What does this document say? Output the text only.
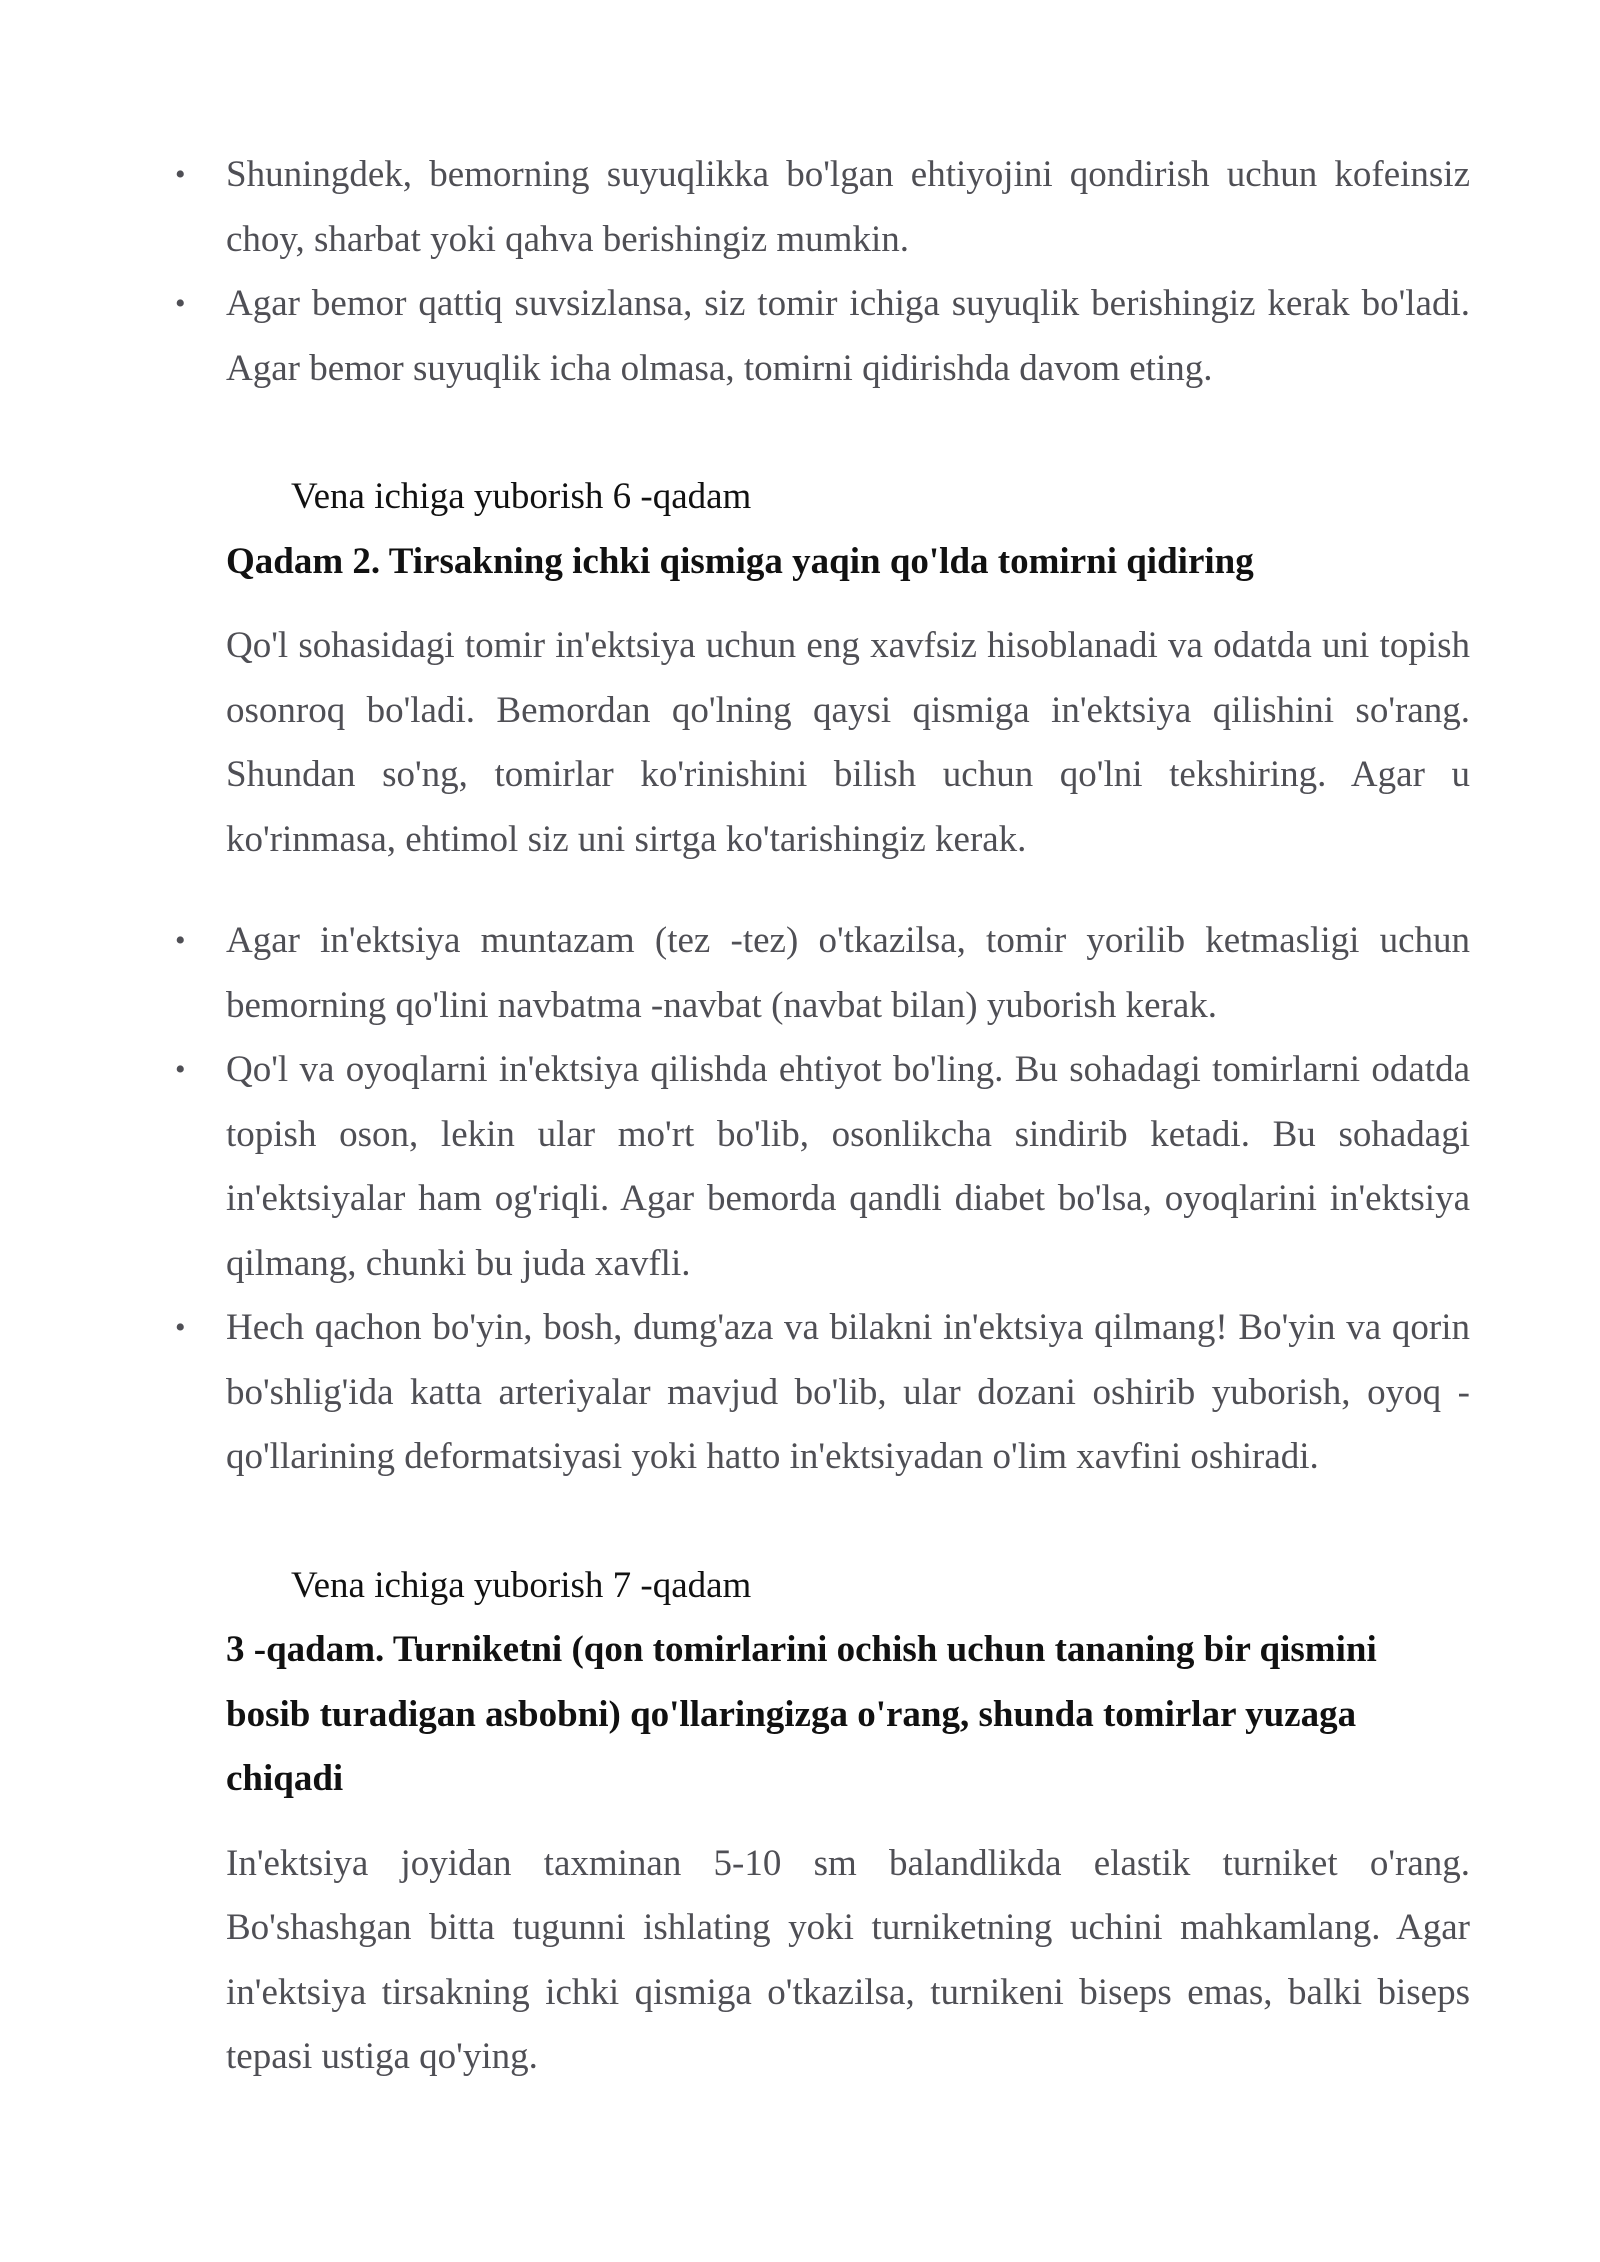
• Shuningdek, bemorning suyuqlikka bo'lgan ehtiyojini qondirish uchun kofeinsiz choy, sharbat yoki qahva berishingiz mumkin.
• Agar bemor qattiq suvsizlansa, siz tomir ichiga suyuqlik berishingiz kerak bo'ladi. Agar bemor suyuqlik icha olmasa, tomirni qidirishda davom eting.

Vena ichiga yuborish 6 -qadam

Qadam 2. Tirsakning ichki qismiga yaqin qo'lda tomirni qidiring

Qo'l sohasidagi tomir in'ektsiya uchun eng xavfsiz hisoblanadi va odatda uni topish osonroq bo'ladi. Bemordan qo'lning qaysi qismiga in'ektsiya qilishini so'rang. Shundan so'ng, tomirlar ko'rinishini bilish uchun qo'lni tekshiring. Agar u ko'rinmasa, ehtimol siz uni sirtga ko'tarishingiz kerak.

• Agar in'ektsiya muntazam (tez -tez) o'tkazilsa, tomir yorilib ketmasligi uchun bemorning qo'lini navbatma -navbat (navbat bilan) yuborish kerak.
• Qo'l va oyoqlarni in'ektsiya qilishda ehtiyot bo'ling. Bu sohadagi tomirlarni odatda topish oson, lekin ular mo'rt bo'lib, osonlikcha sindirib ketadi. Bu sohadagi in'ektsiyalar ham og'riqli. Agar bemorda qandli diabet bo'lsa, oyoqlarini in'ektsiya qilmang, chunki bu juda xavfli.
• Hech qachon bo'yin, bosh, dumg'aza va bilakni in'ektsiya qilmang! Bo'yin va qorin bo'shlig'ida katta arteriyalar mavjud bo'lib, ular dozani oshirib yuborish, oyoq -qo'llarining deformatsiyasi yoki hatto in'ektsiyadan o'lim xavfini oshiradi.

Vena ichiga yuborish 7 -qadam

3 -qadam. Turniketni (qon tomirlarini ochish uchun tananing bir qismini bosib turadigan asbobni) qo'llaringizga o'rang, shunda tomirlar yuzaga chiqadi

In'ektsiya joyidan taxminan 5-10 sm balandlikda elastik turniket o'rang. Bo'shashgan bitta tugunni ishlating yoki turniketning uchini mahkamlang. Agar in'ektsiya tirsakning ichki qismiga o'tkazilsa, turnikeni biseps emas, balki biseps tepasi ustiga qo'ying.
